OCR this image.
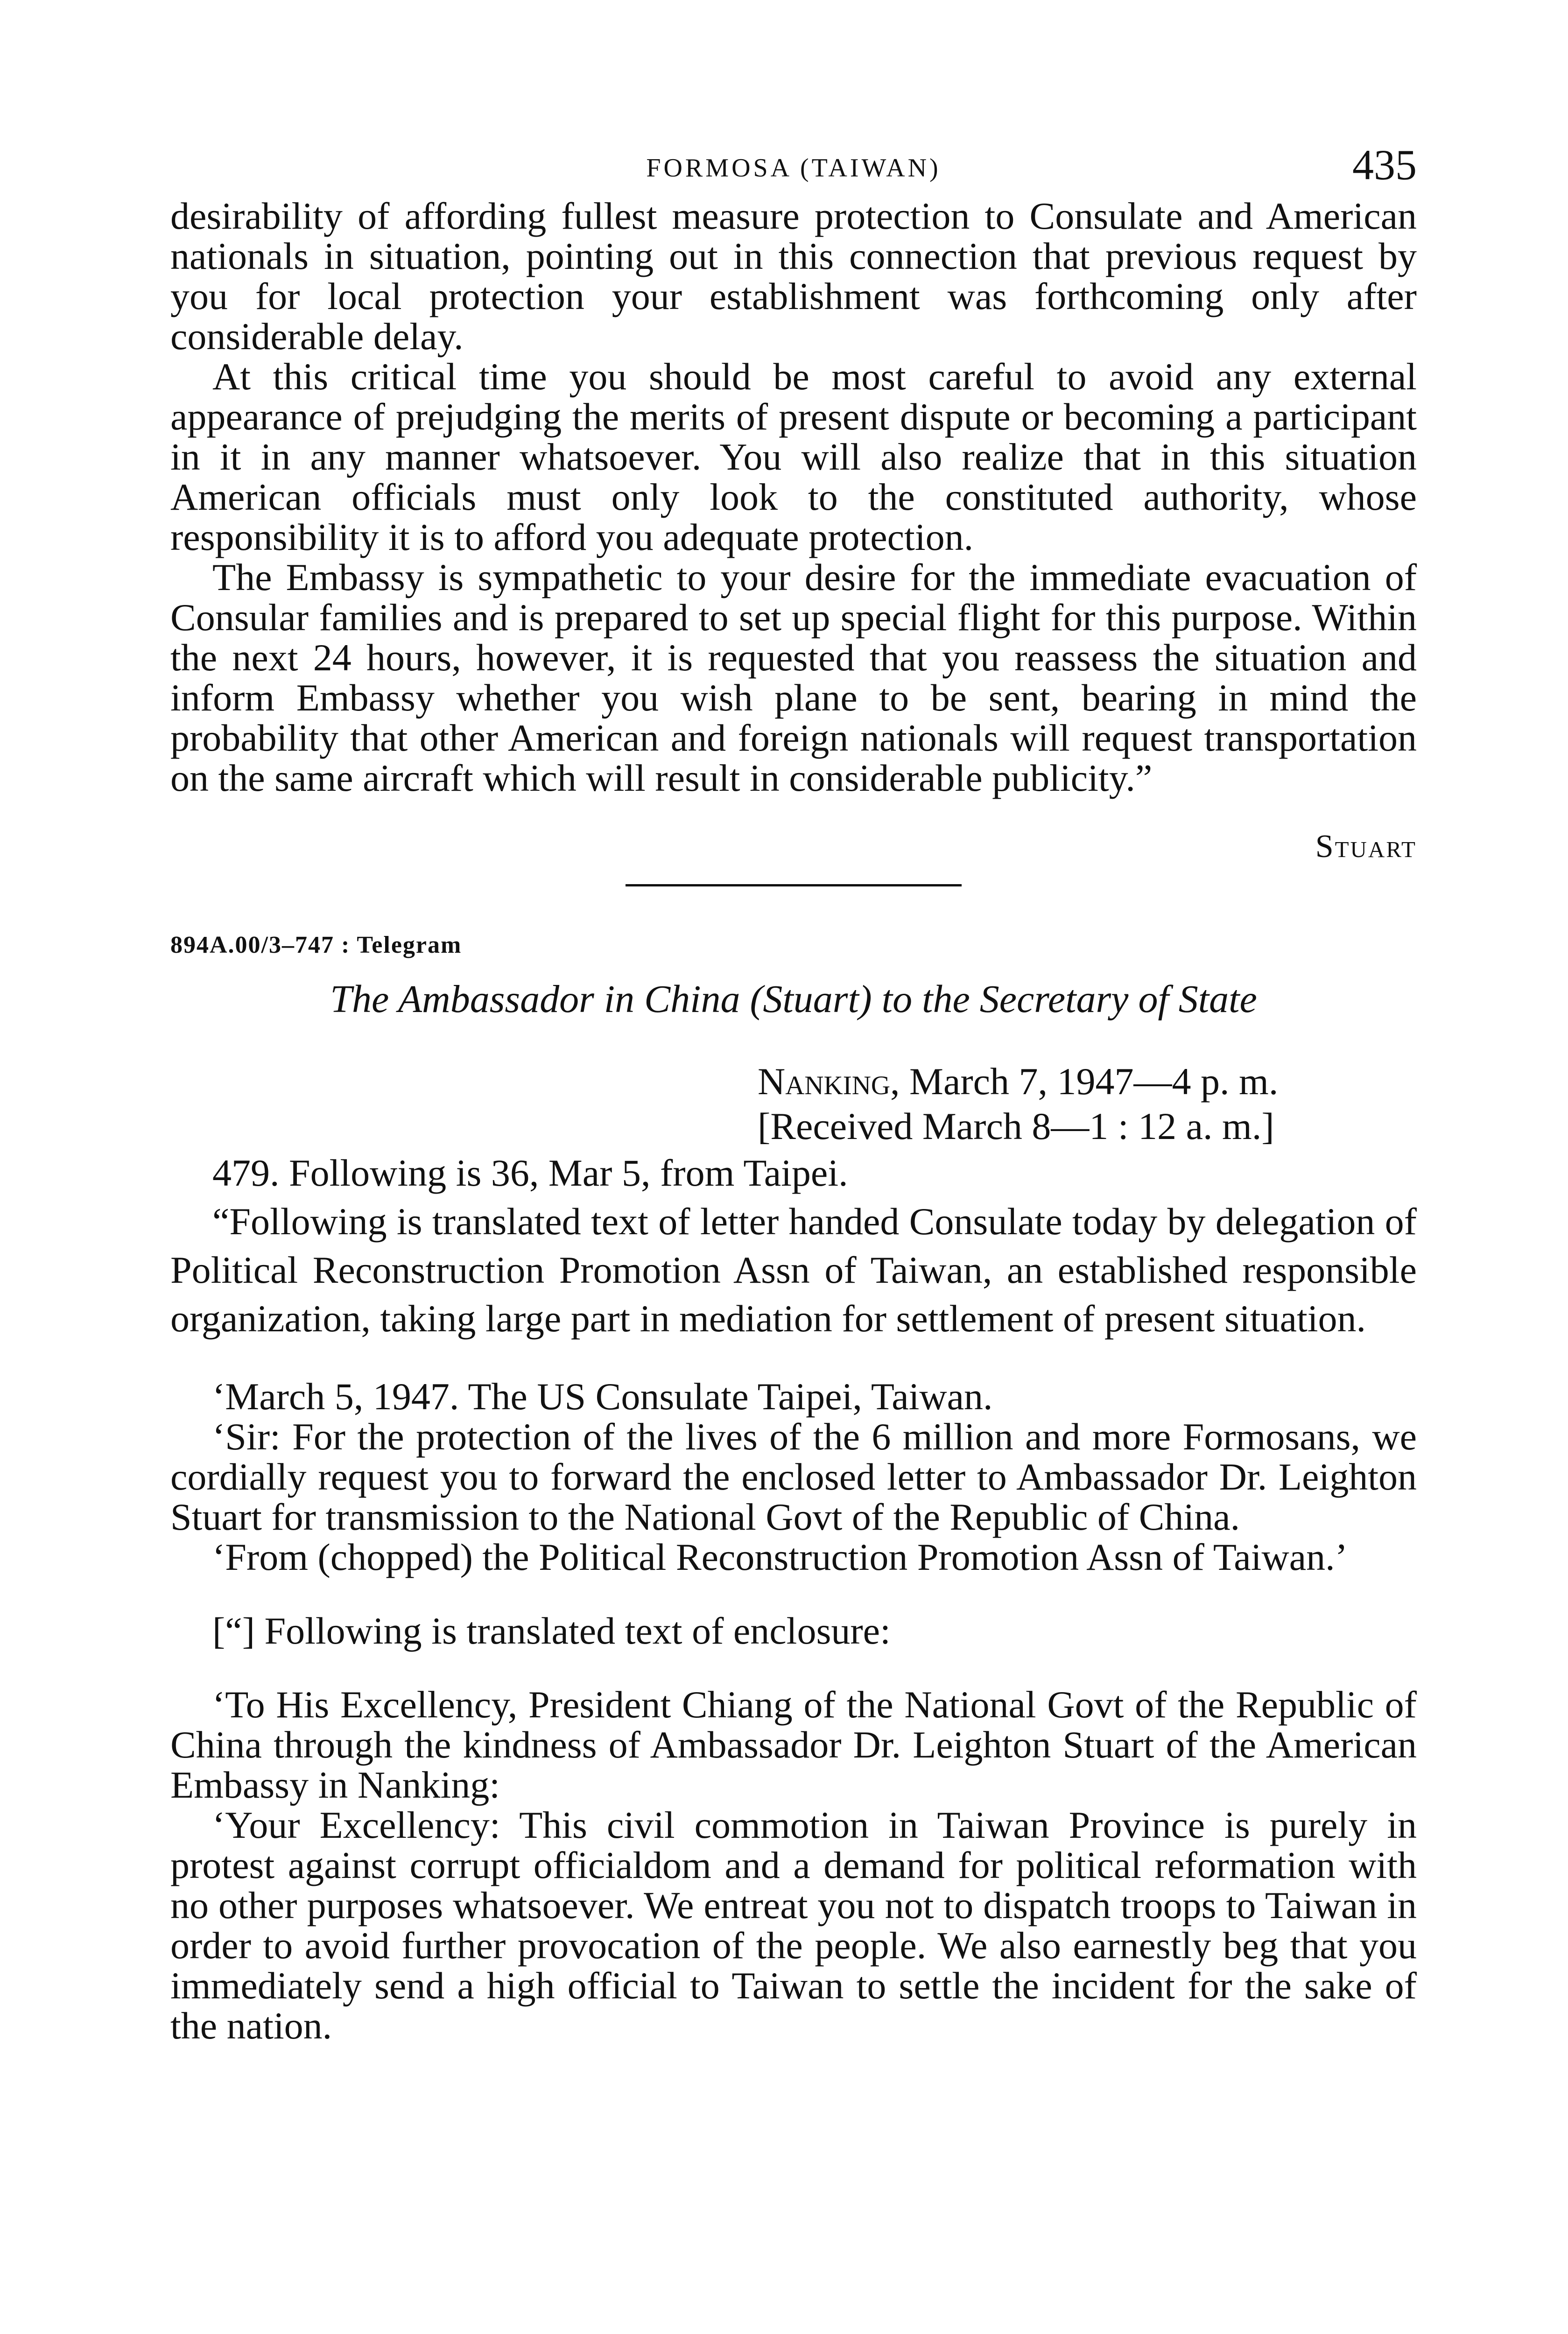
FORMOSA (TAIWAN)	435

desirability of affording fullest measure protection to Consulate and American nationals in situation, pointing out in this connection that previous request by you for local protection your establishment was forthcoming only after considerable delay.

At this critical time you should be most careful to avoid any external appearance of prejudging the merits of present dispute or becoming a participant in it in any manner whatsoever. You will also realize that in this situation American officials must only look to the constituted authority, whose responsibility it is to afford you adequate protection.

The Embassy is sympathetic to your desire for the immediate evacuation of Consular families and is prepared to set up special flight for this purpose. Within the next 24 hours, however, it is requested that you reassess the situation and inform Embassy whether you wish plane to be sent, bearing in mind the probability that other American and foreign nationals will request transportation on the same aircraft which will result in considerable publicity.”

Stuart
894A.00/3–747 : Telegram
The Ambassador in China (Stuart) to the Secretary of State
Nanking, March 7, 1947—4 p. m.
[Received March 8—1 : 12 a. m.]

479. Following is 36, Mar 5, from Taipei.

“Following is translated text of letter handed Consulate today by delegation of Political Reconstruction Promotion Assn of Taiwan, an established responsible organization, taking large part in mediation for settlement of present situation.

‘March 5, 1947. The US Consulate Taipei, Taiwan.

‘Sir: For the protection of the lives of the 6 million and more Formosans, we cordially request you to forward the enclosed letter to Ambassador Dr. Leighton Stuart for transmission to the National Govt of the Republic of China.

‘From (chopped) the Political Reconstruction Promotion Assn of Taiwan.’

[“] Following is translated text of enclosure:

‘To His Excellency, President Chiang of the National Govt of the Republic of China through the kindness of Ambassador Dr. Leighton Stuart of the American Embassy in Nanking:

‘Your Excellency: This civil commotion in Taiwan Province is purely in protest against corrupt officialdom and a demand for political reformation with no other purposes whatsoever. We entreat you not to dispatch troops to Taiwan in order to avoid further provocation of the people. We also earnestly beg that you immediately send a high official to Taiwan to settle the incident for the sake of the nation.
